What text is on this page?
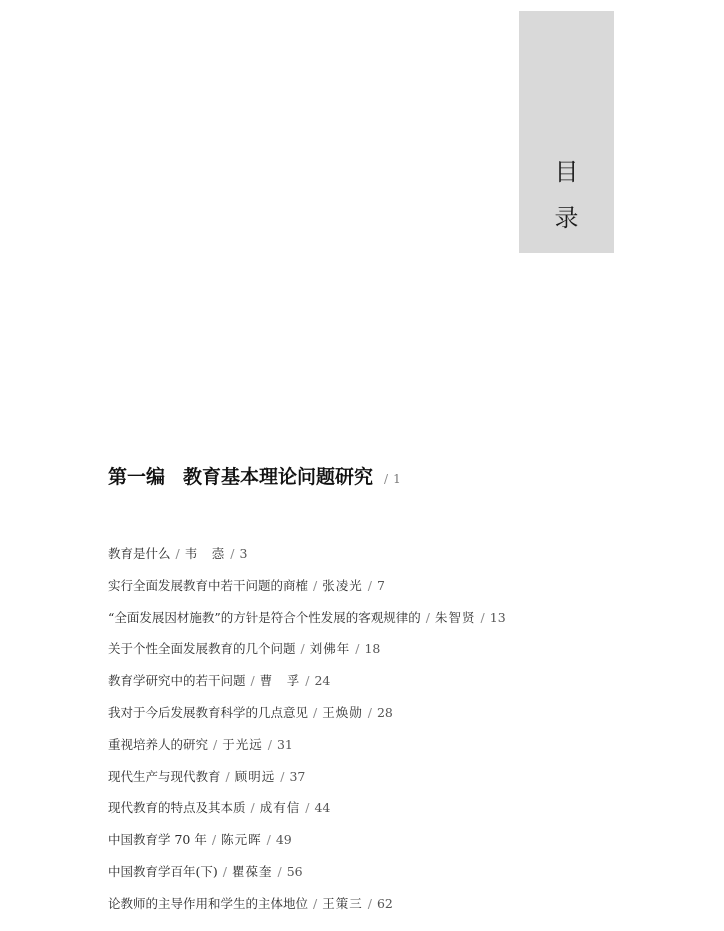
目
录
第一编 教育基本理论问题研究 / 1
教育是什么 / 韦　悫 / 3
实行全面发展教育中若干问题的商榷 / 张凌光 / 7
“全面发展因材施教”的方针是符合个性发展的客观规律的 / 朱智贤 / 13
关于个性全面发展教育的几个问题 / 刘佛年 / 18
教育学研究中的若干问题 / 曹　孚 / 24
我对于今后发展教育科学的几点意见 / 王焕勋 / 28
重视培养人的研究 / 于光远 / 31
现代生产与现代教育 / 顾明远 / 37
现代教育的特点及其本质 / 成有信 / 44
中国教育学 70 年 / 陈元晖 / 49
中国教育学百年(下) / 瞿葆奎 / 56
论教师的主导作用和学生的主体地位 / 王策三 / 62
